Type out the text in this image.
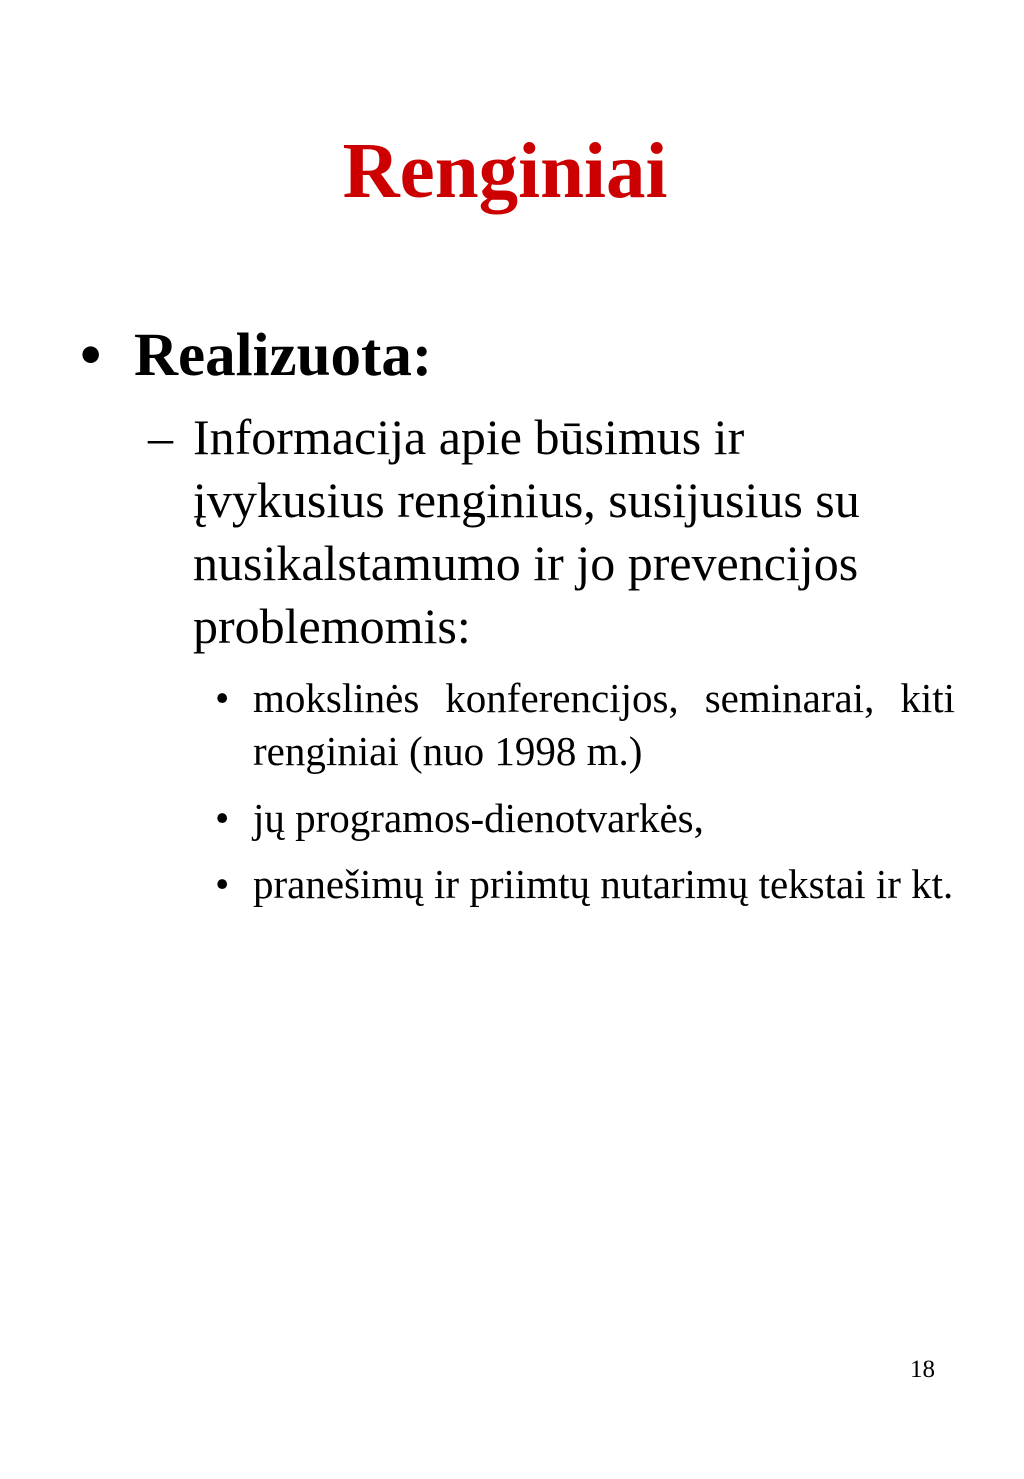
Renginiai
• Realizuota:
– Informacija apie būsimus ir įvykusius renginius, susijusius su nusikalstamumo ir jo prevencijos problemomis:
• mokslinės konferencijos, seminarai, kiti renginiai (nuo 1998 m.)
• jų programos-dienotvarkės,
• pranešimų ir priimtų nutarimų tekstai ir kt.
18
